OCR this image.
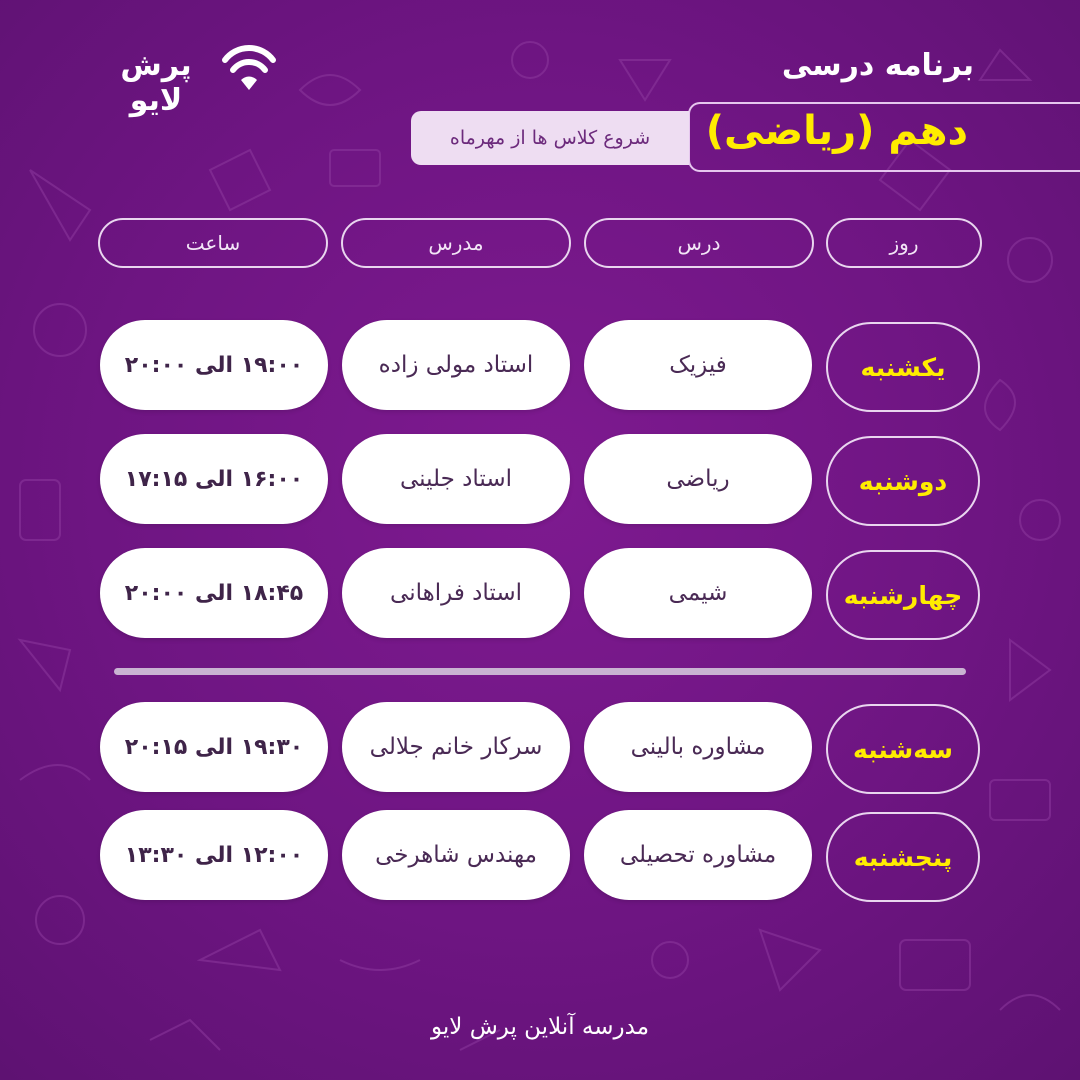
پرش لایو
برنامه درسی
دهم (ریاضی)
شروع کلاس ها از مهرماه
روز
درس
مدرس
ساعت
یکشنبه
فیزیک
استاد مولی زاده
۱۹:۰۰ الی ۲۰:۰۰
دوشنبه
ریاضی
استاد جلینی
۱۶:۰۰ الی ۱۷:۱۵
چهارشنبه
شیمی
استاد فراهانی
۱۸:۴۵ الی ۲۰:۰۰
سه‌شنبه
مشاوره بالینی
سرکار خانم جلالی
۱۹:۳۰ الی ۲۰:۱۵
پنجشنبه
مشاوره تحصیلی
مهندس شاهرخی
۱۲:۰۰ الی ۱۳:۳۰
مدرسه آنلاین پرش لایو
